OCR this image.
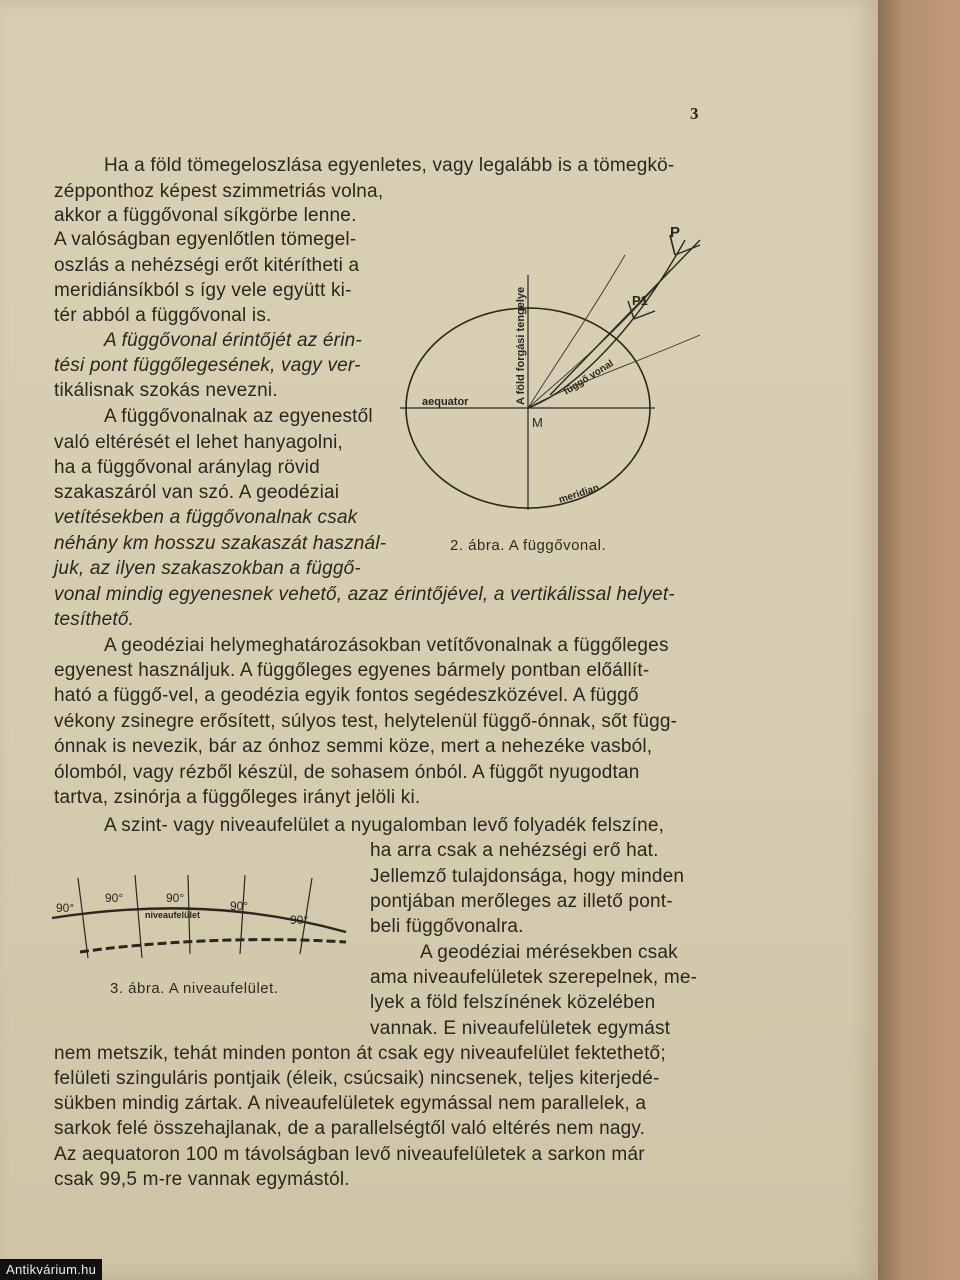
3
Ha a föld tömegeloszlása egyenletes, vagy legalább is a tömegkö-
zépponthoz képest szimmetriás volna,
akkor a függővonal síkgörbe lenne.
A valóságban egyenlőtlen tömegel-
oszlás a nehézségi erőt kitérítheti a
meridiánsíkból s így vele együtt ki-
tér abból a függővonal is.
A függővonal érintőjét az érin-
tési pont függőlegesének, vagy ver-
tikálisnak szokás nevezni.
A függővonalnak az egyenestől
való eltérését el lehet hanyagolni,
ha a függővonal aránylag rövid
szakaszáról van szó. A geodéziai
vetítésekben a függővonalnak csak
néhány km hosszu szakaszát használ-
juk, az ilyen szakaszokban a függő-
vonal mindig egyenesnek vehető, azaz érintőjével, a vertikálissal helyet-
tesíthető.
A geodéziai helymeghatározásokban vetítővonalnak a függőleges
egyenest használjuk. A függőleges egyenes bármely pontban előállít-
ható a függő-vel, a geodézia egyik fontos segédeszközével. A függő
vékony zsinegre erősített, súlyos test, helytelenül függő-ónnak, sőt függ-
ónnak is nevezik, bár az ónhoz semmi köze, mert a nehezéke vasból,
ólomból, vagy rézből készül, de sohasem ónból. A függőt nyugodtan
tartva, zsinórja a függőleges irányt jelöli ki.
A szint- vagy niveaufelület a nyugalomban levő folyadék felszíne,
ha arra csak a nehézségi erő hat.
Jellemző tulajdonsága, hogy minden
pontjában merőleges az illető pont-
beli függővonalra.
A geodéziai mérésekben csak
ama niveaufelületek szerepelnek, me-
lyek a föld felszínének közelében
vannak. E niveaufelületek egymást
nem metszik, tehát minden ponton át csak egy niveaufelület fektethető;
felületi szinguláris pontjaik (éleik, csúcsaik) nincsenek, teljes kiterjedé-
sükben mindig zártak. A niveaufelületek egymással nem parallelek, a
sarkok felé összehajlanak, de a parallelségtől való eltérés nem nagy.
Az aequatoron 100 m távolságban levő niveaufelületek a sarkon már
csak 99,5 m-re vannak egymástól.
aequator	A föld forgási tengelye
M
meridian
függő vonal
P
P1
2. ábra. A függővonal.
90°
90°	90°
90°
90°
niveaufelület
3. ábra. A niveaufelület.
Antikvárium.hu
